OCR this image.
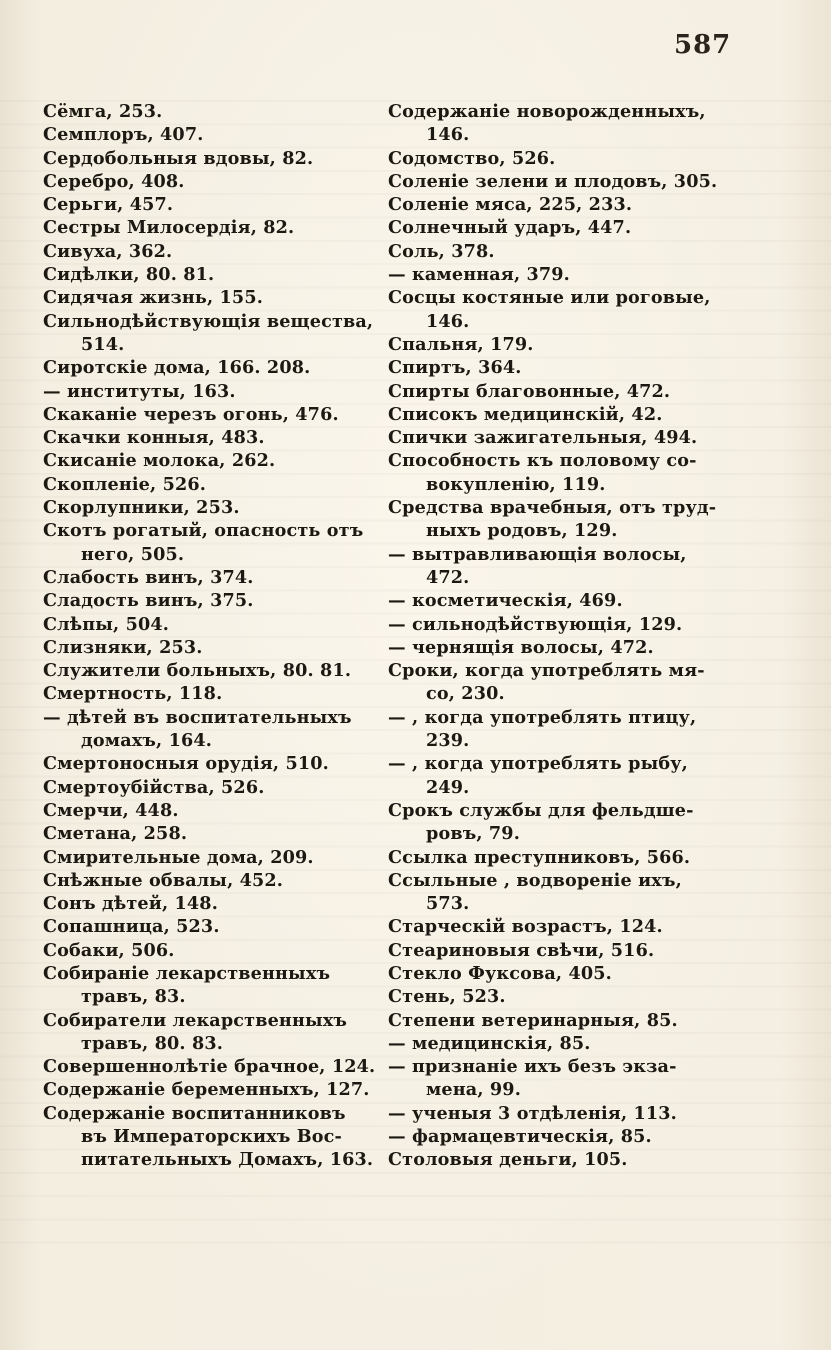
587
Сёмга, 253.
Семплоръ, 407.
Сердобольныя вдовы, 82.
Серебро, 408.
Серьги, 457.
Сестры Милосердія, 82.
Сивуха, 362.
Сидѣлки, 80. 81.
Сидячая жизнь, 155.
Сильнодѣйствующія вещества,
514.
Сиротскіе дома, 166. 208.
— институты, 163.
Скаканіе черезъ огонь, 476.
Скачки конныя, 483.
Скисаніе молока, 262.
Скопленіе, 526.
Скорлупники, 253.
Скотъ рогатый, опасность отъ
него, 505.
Слабость винъ, 374.
Сладость винъ, 375.
Слѣпы, 504.
Слизняки, 253.
Служители больныхъ, 80. 81.
Смертность, 118.
— дѣтей въ воспитательныхъ
домахъ, 164.
Смертоносныя орудія, 510.
Смертоубійства, 526.
Смерчи, 448.
Сметана, 258.
Смирительные дома, 209.
Снѣжные обвалы, 452.
Сонъ дѣтей, 148.
Сопашница, 523.
Собаки, 506.
Собираніе лекарственныхъ
травъ, 83.
Собиратели лекарственныхъ
травъ, 80. 83.
Совершеннолѣтіе брачное, 124.
Содержаніе беременныхъ, 127.
Содержаніе воспитанниковъ
въ Императорскихъ Вос-
питательныхъ Домахъ, 163.
Содержаніе новорожденныхъ,
146.
Содомство, 526.
Соленіе зелени и плодовъ, 305.
Соленіе мяса, 225, 233.
Солнечный ударъ, 447.
Соль, 378.
— каменная, 379.
Сосцы костяные или роговые,
146.
Спальня, 179.
Спиртъ, 364.
Спирты благовонные, 472.
Списокъ медицинскій, 42.
Спички зажигательныя, 494.
Способность къ половому со-
вокупленію, 119.
Средства врачебныя, отъ труд-
ныхъ родовъ, 129.
— вытравливающія волосы,
472.
— косметическія, 469.
— сильнодѣйствующія, 129.
— чернящія волосы, 472.
Сроки, когда употреблять мя-
со, 230.
— , когда употреблять птицу,
239.
— , когда употреблять рыбу,
249.
Срокъ службы для фельдше-
ровъ, 79.
Ссылка преступниковъ, 566.
Ссыльные , водвореніе ихъ,
573.
Старческій возрастъ, 124.
Стеариновыя свѣчи, 516.
Стекло Фуксова, 405.
Стень, 523.
Степени ветеринарныя, 85.
— медицинскія, 85.
— признаніе ихъ безъ экза-
мена, 99.
— ученыя 3 отдѣленія, 113.
— фармацевтическія, 85.
Столовыя деньги, 105.
